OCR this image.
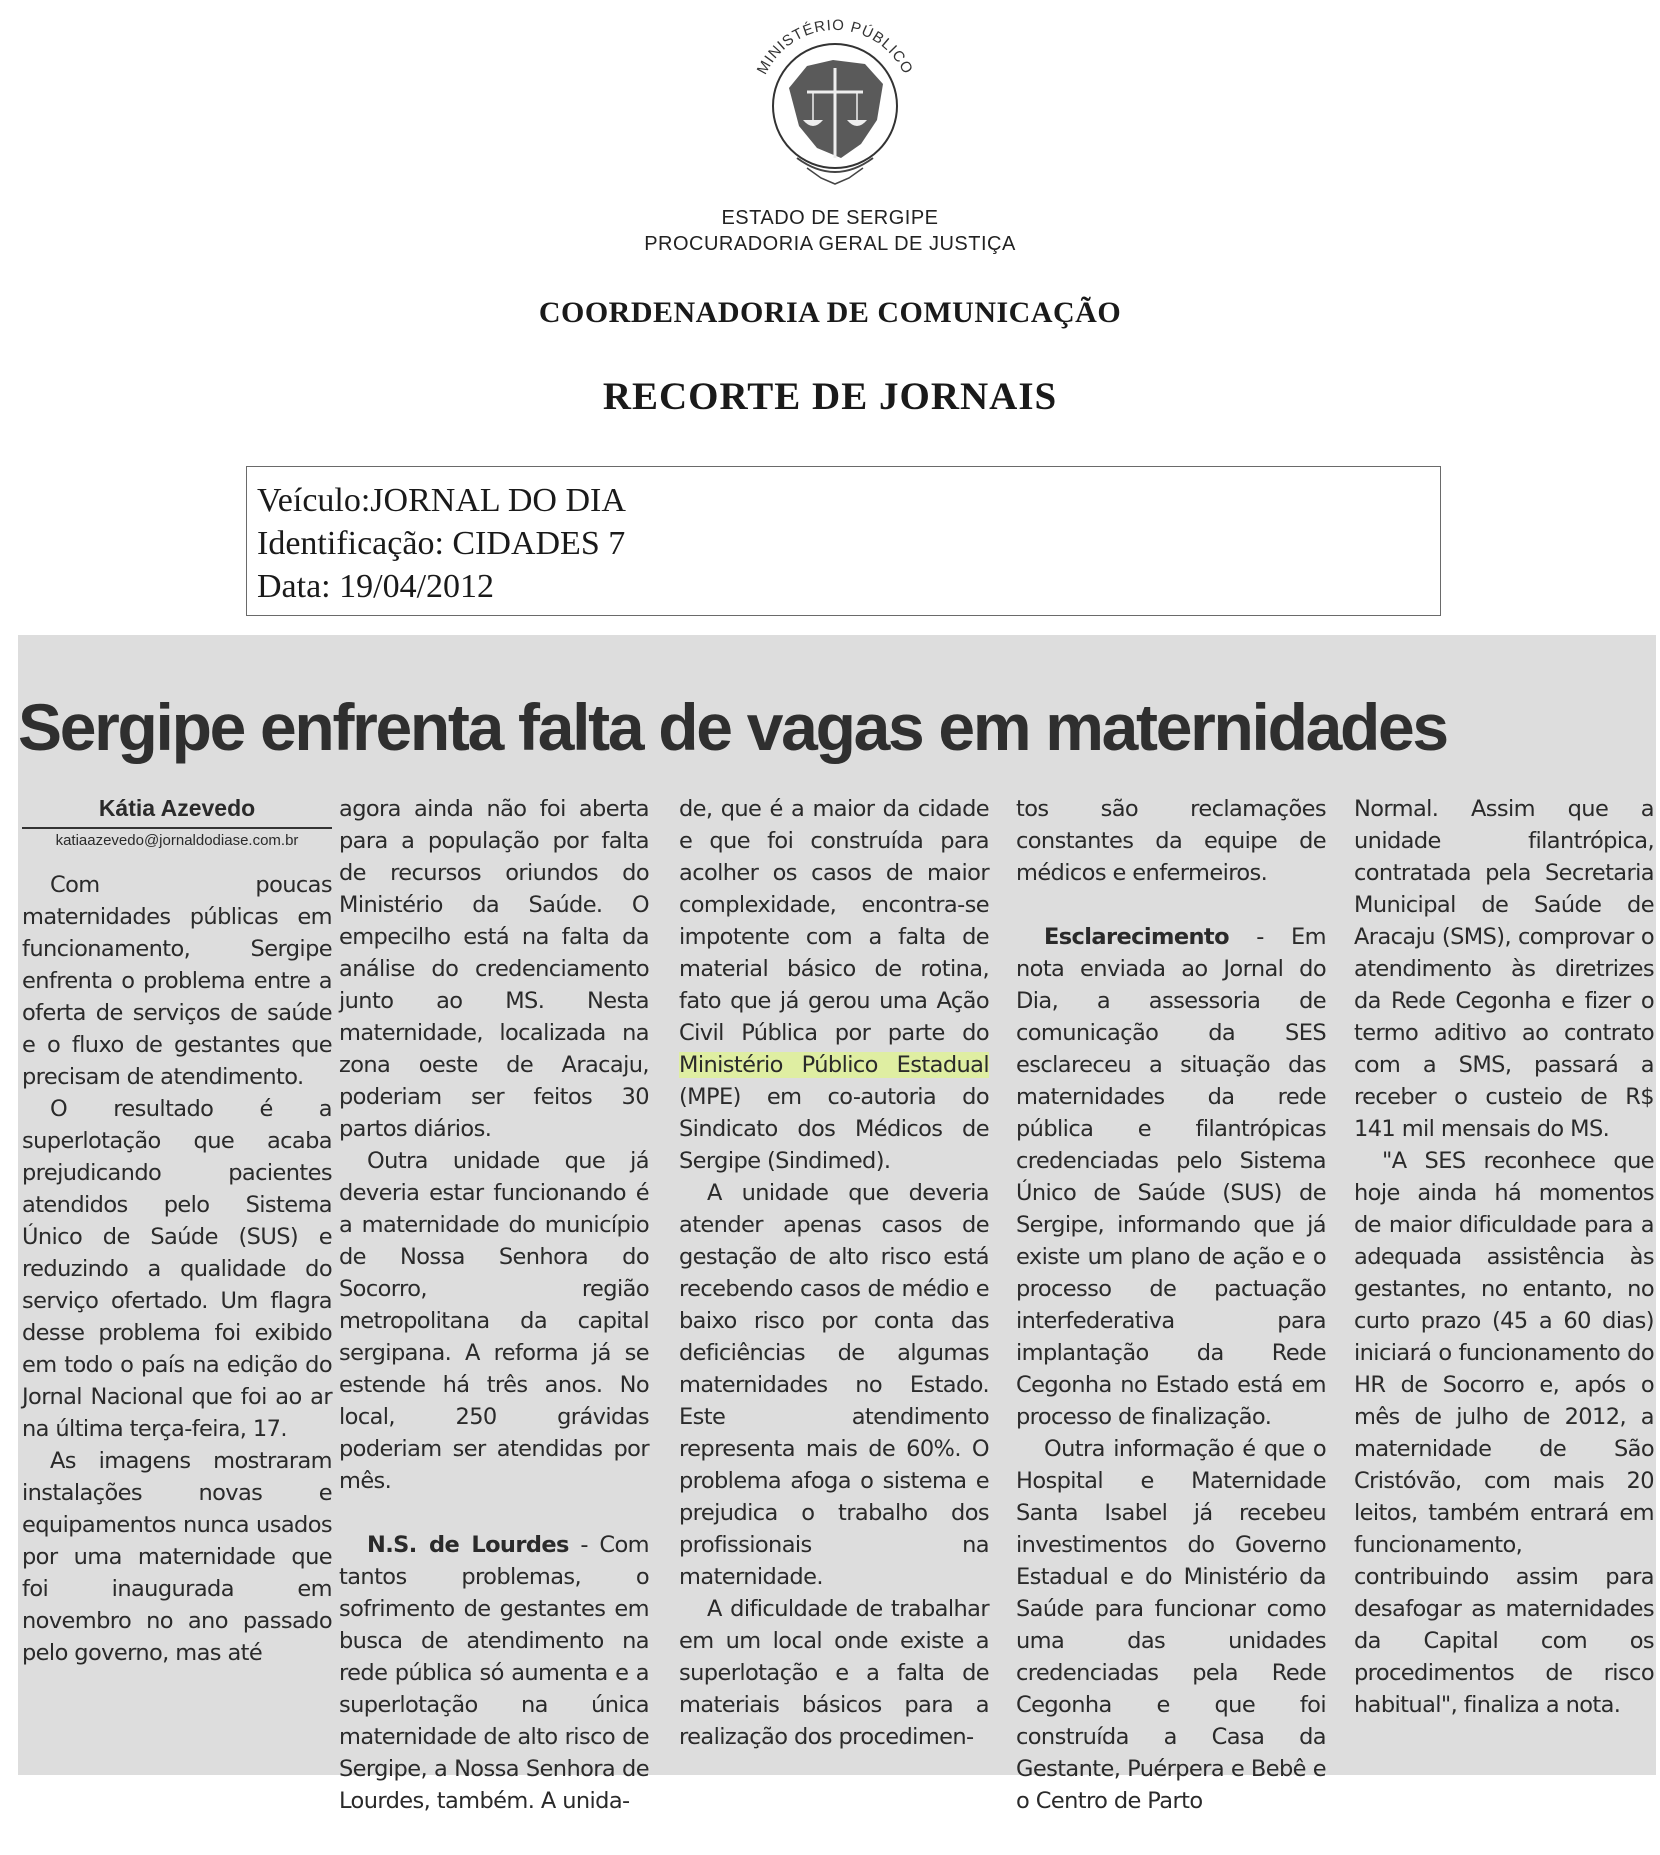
MINISTÉRIO PÚBLICO
ESTADO DE SERGIPE
PROCURADORIA GERAL DE JUSTIÇA
COORDENADORIA DE COMUNICAÇÃO
RECORTE DE JORNAIS
Veículo:JORNAL DO DIA
Identificação: CIDADES 7
Data: 19/04/2012
Sergipe enfrenta falta de vagas em maternidades
Kátia Azevedo
katiaazevedo@jornaldodiase.com.br

Com poucas maternidades públicas em funcionamento, Sergipe enfrenta o problema entre a oferta de serviços de saúde e o fluxo de gestantes que precisam de atendimento.

O resultado é a superlotação que acaba prejudicando pacientes atendidos pelo Sistema Único de Saúde (SUS) e reduzindo a qualidade do serviço ofertado. Um flagra desse problema foi exibido em todo o país na edição do Jornal Nacional que foi ao ar na última terça-feira, 17.

As imagens mostraram instalações novas e equipamentos nunca usados por uma maternidade que foi inaugurada em novembro no ano passado pelo governo, mas até

agora ainda não foi aberta para a população por falta de recursos oriundos do Ministério da Saúde. O empecilho está na falta da análise do credenciamento junto ao MS. Nesta maternidade, localizada na zona oeste de Aracaju, poderiam ser feitos 30 partos diários.

Outra unidade que já deveria estar funcionando é a maternidade do município de Nossa Senhora do Socorro, região metropolitana da capital sergipana. A reforma já se estende há três anos. No local, 250 grávidas poderiam ser atendidas por mês.

N.S. de Lourdes - Com tantos problemas, o sofrimento de gestantes em busca de atendimento na rede pública só aumenta e a superlotação na única maternidade de alto risco de Sergipe, a Nossa Senhora de Lourdes, também. A unida-

de, que é a maior da cidade e que foi construída para acolher os casos de maior complexidade, encontra-se impotente com a falta de material básico de rotina, fato que já gerou uma Ação Civil Pública por parte do Ministério Público Estadual (MPE) em co-autoria do Sindicato dos Médicos de Sergipe (Sindimed).

A unidade que deveria atender apenas casos de gestação de alto risco está recebendo casos de médio e baixo risco por conta das deficiências de algumas maternidades no Estado. Este atendimento representa mais de 60%. O problema afoga o sistema e prejudica o trabalho dos profissionais na maternidade.

A dificuldade de trabalhar em um local onde existe a superlotação e a falta de materiais básicos para a realização dos procedimen-

tos são reclamações constantes da equipe de médicos e enfermeiros.

Esclarecimento - Em nota enviada ao Jornal do Dia, a assessoria de comunicação da SES esclareceu a situação das maternidades da rede pública e filantrópicas credenciadas pelo Sistema Único de Saúde (SUS) de Sergipe, informando que já existe um plano de ação e o processo de pactuação interfederativa para implantação da Rede Cegonha no Estado está em processo de finalização.

Outra informação é que o Hospital e Maternidade Santa Isabel já recebeu investimentos do Governo Estadual e do Ministério da Saúde para funcionar como uma das unidades credenciadas pela Rede Cegonha e que foi construída a Casa da Gestante, Puérpera e Bebê e o Centro de Parto

Normal. Assim que a unidade filantrópica, contratada pela Secretaria Municipal de Saúde de Aracaju (SMS), comprovar o atendimento às diretrizes da Rede Cegonha e fizer o termo aditivo ao contrato com a SMS, passará a receber o custeio de R$ 141 mil mensais do MS.

"A SES reconhece que hoje ainda há momentos de maior dificuldade para a adequada assistência às gestantes, no entanto, no curto prazo (45 a 60 dias) iniciará o funcionamento do HR de Socorro e, após o mês de julho de 2012, a maternidade de São Cristóvão, com mais 20 leitos, também entrará em funcionamento, contribuindo assim para desafogar as maternidades da Capital com os procedimentos de risco habitual", finaliza a nota.
